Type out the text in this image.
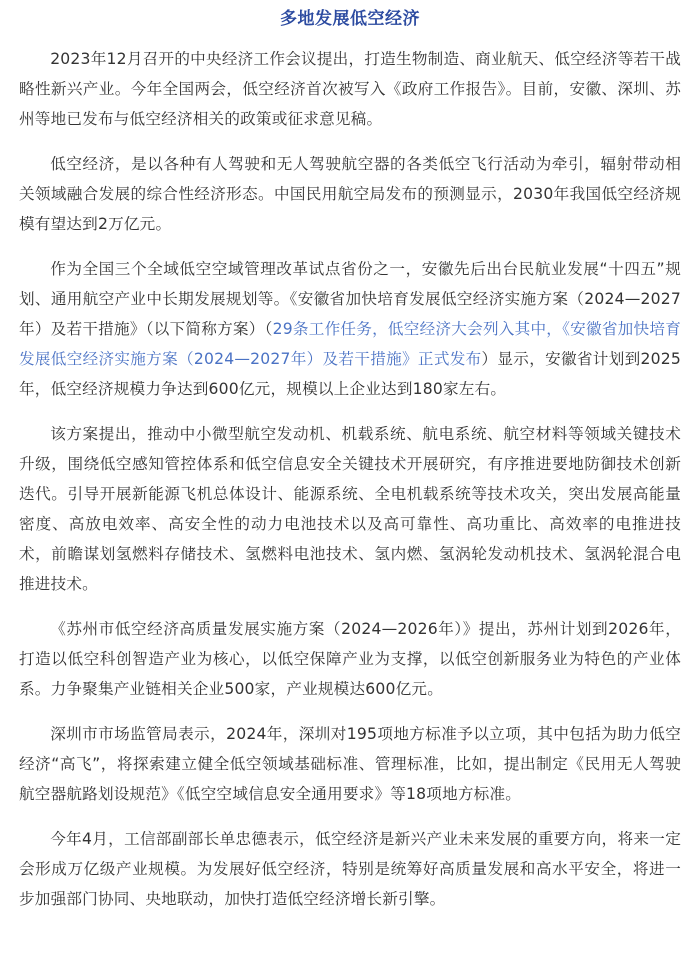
多地发展低空经济

2023年12月召开的中央经济工作会议提出，打造生物制造、商业航天、低空经济等若干战略性新兴产业。今年全国两会，低空经济首次被写入《政府工作报告》。目前，安徽、深圳、苏州等地已发布与低空经济相关的政策或征求意见稿。

低空经济，是以各种有人驾驶和无人驾驶航空器的各类低空飞行活动为牵引，辐射带动相关领域融合发展的综合性经济形态。中国民用航空局发布的预测显示，2030年我国低空经济规模有望达到2万亿元。

作为全国三个全域低空空域管理改革试点省份之一，安徽先后出台民航业发展“十四五”规划、通用航空产业中长期发展规划等。《安徽省加快培育发展低空经济实施方案（2024—2027年）及若干措施》（以下简称方案）（29条工作任务，低空经济大会列入其中，《安徽省加快培育发展低空经济实施方案（2024—2027年）及若干措施》正式发布）显示，安徽省计划到2025年，低空经济规模力争达到600亿元，规模以上企业达到180家左右。

该方案提出，推动中小微型航空发动机、机载系统、航电系统、航空材料等领域关键技术升级，围绕低空感知管控体系和低空信息安全关键技术开展研究，有序推进要地防御技术创新迭代。引导开展新能源飞机总体设计、能源系统、全电机载系统等技术攻关，突出发展高能量密度、高放电效率、高安全性的动力电池技术以及高可靠性、高功重比、高效率的电推进技术，前瞻谋划氢燃料存储技术、氢燃料电池技术、氢内燃、氢涡轮发动机技术、氢涡轮混合电推进技术。

《苏州市低空经济高质量发展实施方案（2024—2026年）》提出，苏州计划到2026年，打造以低空科创智造产业为核心，以低空保障产业为支撑，以低空创新服务业为特色的产业体系。力争聚集产业链相关企业500家，产业规模达600亿元。

深圳市市场监管局表示，2024年，深圳对195项地方标准予以立项，其中包括为助力低空经济“高飞”，将探索建立健全低空领域基础标准、管理标准，比如，提出制定《民用无人驾驶航空器航路划设规范》《低空空域信息安全通用要求》等18项地方标准。

今年4月，工信部副部长单忠德表示，低空经济是新兴产业未来发展的重要方向，将来一定会形成万亿级产业规模。为发展好低空经济，特别是统筹好高质量发展和高水平安全，将进一步加强部门协同、央地联动，加快打造低空经济增长新引擎。
